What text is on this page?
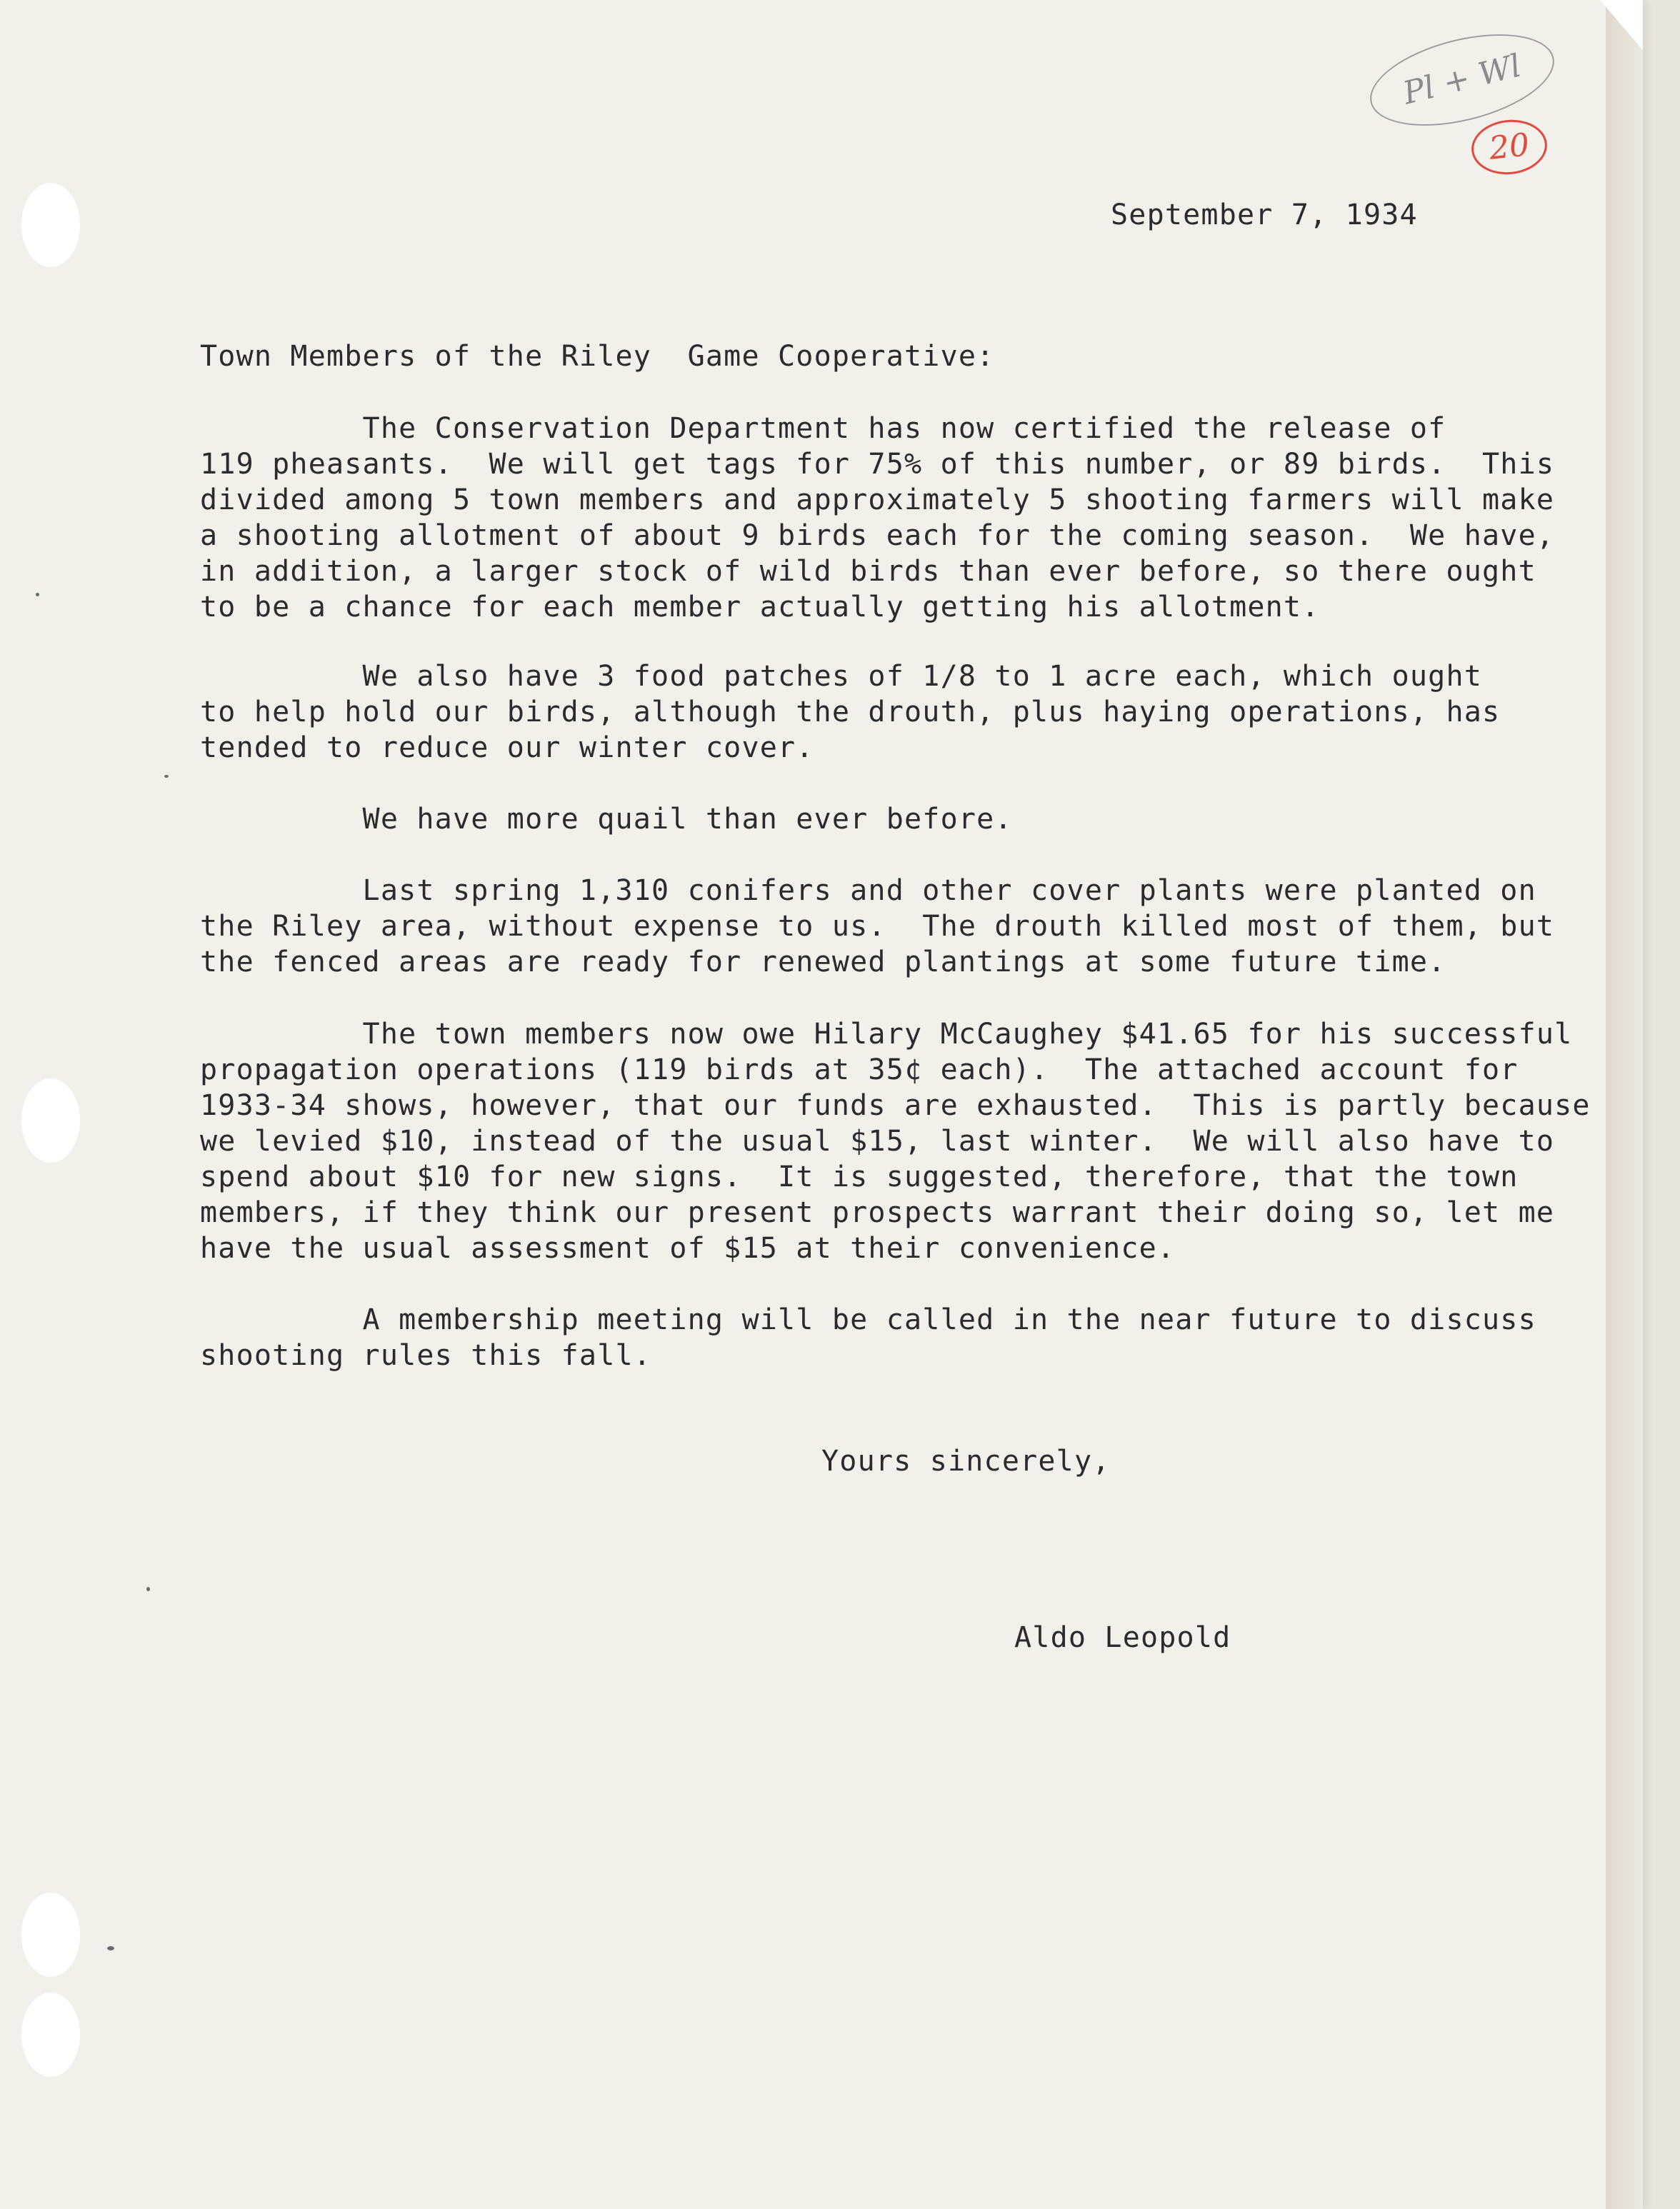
Pl + Wl
20

September 7, 1934

Town Members of the Riley  Game Cooperative:

The Conservation Department has now certified the release of
119 pheasants.  We will get tags for 75% of this number, or 89 birds.  This
divided among 5 town members and approximately 5 shooting farmers will make
a shooting allotment of about 9 birds each for the coming season.  We have,
in addition, a larger stock of wild birds than ever before, so there ought
to be a chance for each member actually getting his allotment.
We also have 3 food patches of 1/8 to 1 acre each, which ought
to help hold our birds, although the drouth, plus haying operations, has
tended to reduce our winter cover.
We have more quail than ever before.
Last spring 1,310 conifers and other cover plants were planted on
the Riley area, without expense to us.  The drouth killed most of them, but
the fenced areas are ready for renewed plantings at some future time.
The town members now owe Hilary McCaughey $41.65 for his successful
propagation operations (119 birds at 35¢ each).  The attached account for
1933-34 shows, however, that our funds are exhausted.  This is partly because
we levied $10, instead of the usual $15, last winter.  We will also have to
spend about $10 for new signs.  It is suggested, therefore, that the town
members, if they think our present prospects warrant their doing so, let me
have the usual assessment of $15 at their convenience.
A membership meeting will be called in the near future to discuss
shooting rules this fall.

Yours sincerely,

Aldo Leopold
